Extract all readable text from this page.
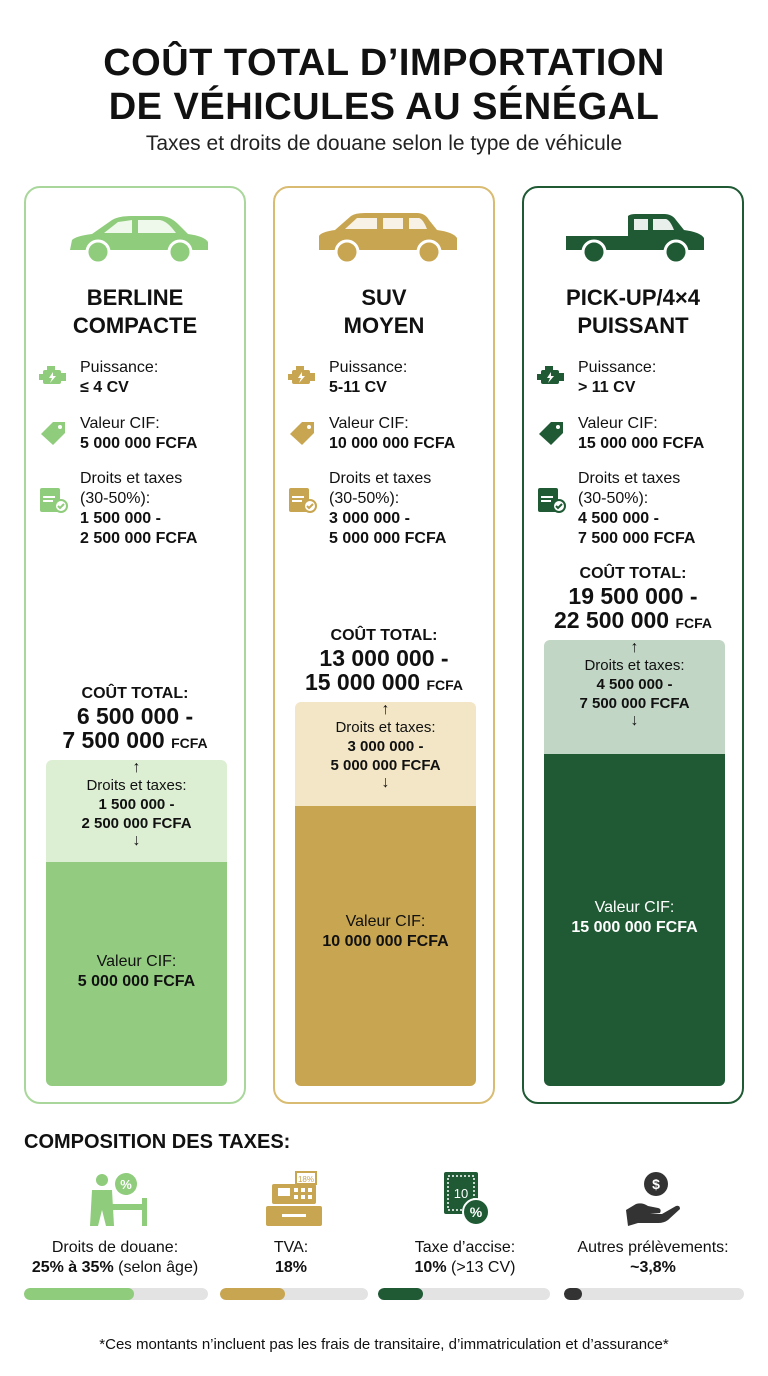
COÛT TOTAL D’IMPORTATION
DE VÉHICULES AU SÉNÉGAL
Taxes et droits de douane selon le type de véhicule
BERLINE
COMPACTE
Puissance:
≤ 4 CV
Valeur CIF:
5 000 000 FCFA
Droits et taxes
(30-50%):
1 500 000 -
2 500 000 FCFA
COÛT TOTAL:
6 500 000 -
7 500 000 FCFA
↑
Droits et taxes:
1 500 000 -
2 500 000 FCFA
↓
Valeur CIF:
5 000 000 FCFA
SUV
MOYEN
Puissance:
5-11 CV
Valeur CIF:
10 000 000 FCFA
Droits et taxes
(30-50%):
3 000 000 -
5 000 000 FCFA
COÛT TOTAL:
13 000 000 -
15 000 000 FCFA
↑
Droits et taxes:
3 000 000 -
5 000 000 FCFA
↓
Valeur CIF:
10 000 000 FCFA
PICK-UP/4×4
PUISSANT
Puissance:
> 11 CV
Valeur CIF:
15 000 000 FCFA
Droits et taxes
(30-50%):
4 500 000 -
7 500 000 FCFA
COÛT TOTAL:
19 500 000 -
22 500 000 FCFA
↑
Droits et taxes:
4 500 000 -
7 500 000 FCFA
↓
Valeur CIF:
15 000 000 FCFA
COMPOSITION DES TAXES:
%
Droits de douane:
25% à 35% (selon âge)
18%
TVA:
18%
10
%
Taxe d’accise:
10% (>13 CV)
$
Autres prélèvements:
~3,8%
*Ces montants n’incluent pas les frais de transitaire, d’immatriculation et d’assurance*
